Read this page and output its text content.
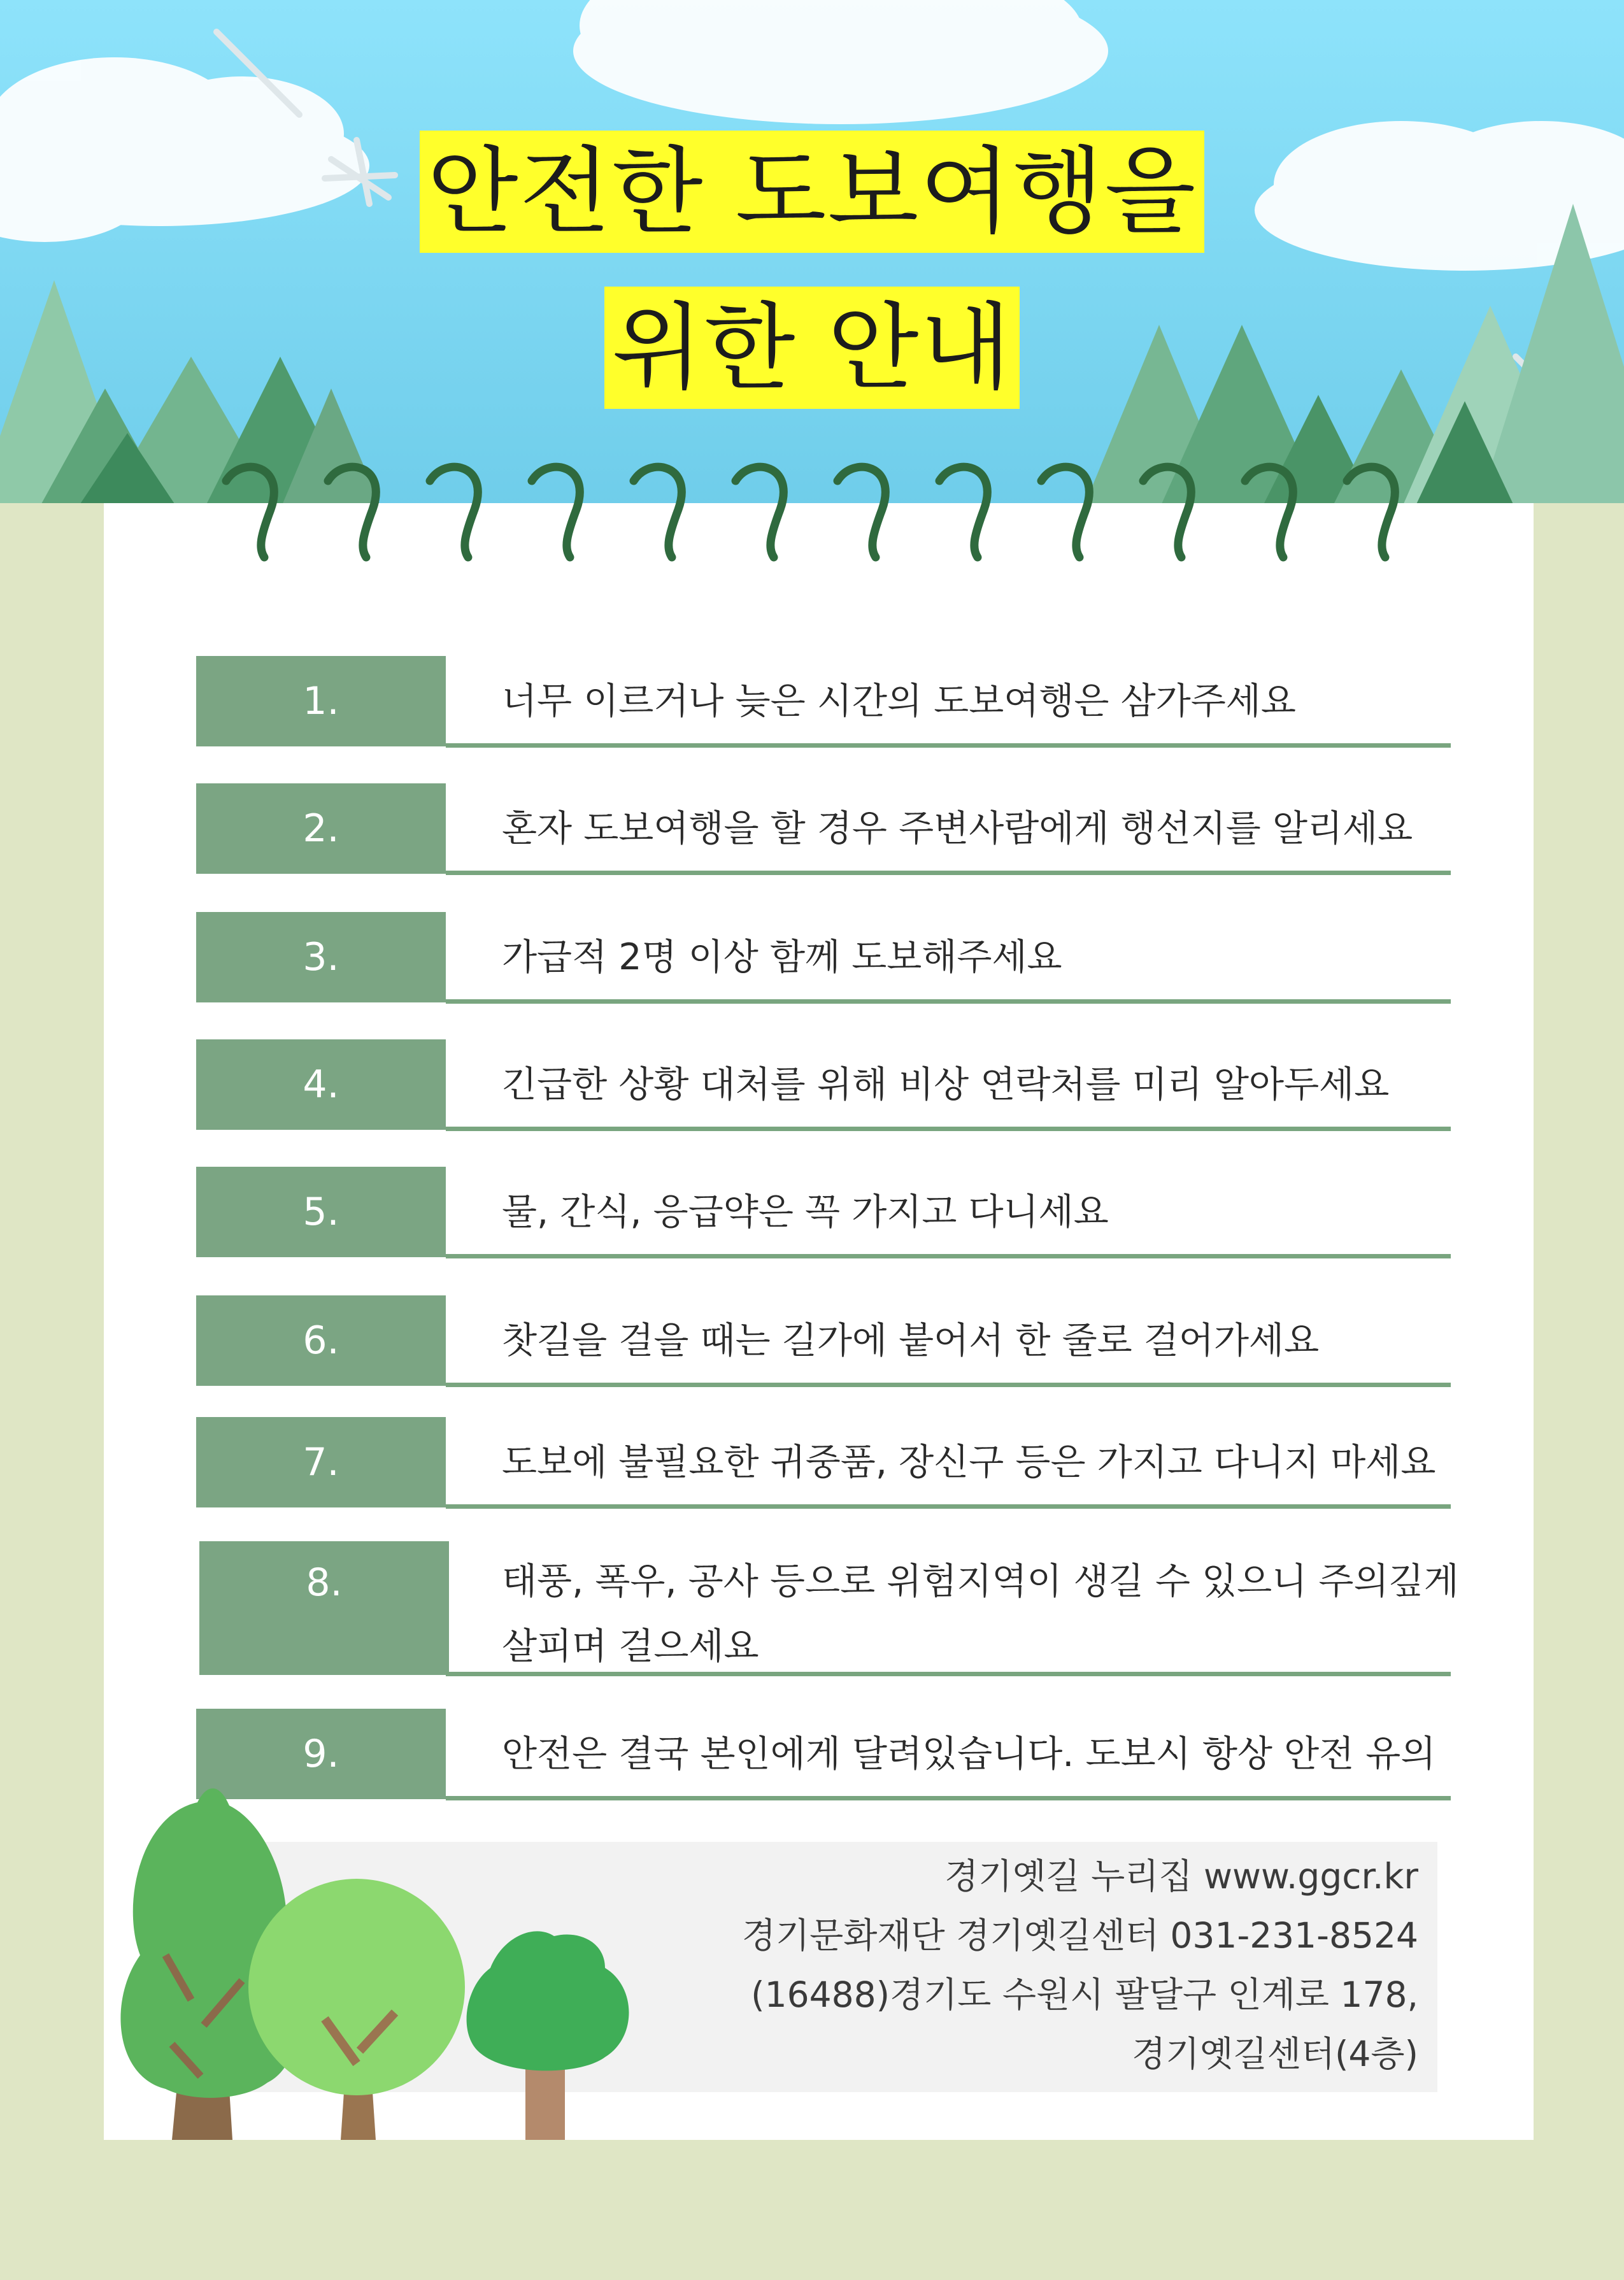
안전한 도보여행을
위한 안내
1.	너무 이르거나 늦은 시간의 도보여행은 삼가주세요
2.	혼자 도보여행을 할 경우 주변사람에게 행선지를 알리세요
3.	가급적 2명 이상 함께 도보해주세요
4.	긴급한 상황 대처를 위해 비상 연락처를 미리 알아두세요
5.	물, 간식, 응급약은 꼭 가지고 다니세요
6.	찻길을 걸을 때는 길가에 붙어서 한 줄로 걸어가세요
7.	도보에 불필요한 귀중품, 장신구 등은 가지고 다니지 마세요
8.	태풍, 폭우, 공사 등으로 위험지역이 생길 수 있으니 주의깊게
살피며 걸으세요
9.	안전은 결국 본인에게 달려있습니다. 도보시 항상 안전 유의
경기옛길 누리집 www.ggcr.kr
경기문화재단 경기옛길센터 031-231-8524
(16488)경기도 수원시 팔달구 인계로 178,
경기옛길센터(4층)
